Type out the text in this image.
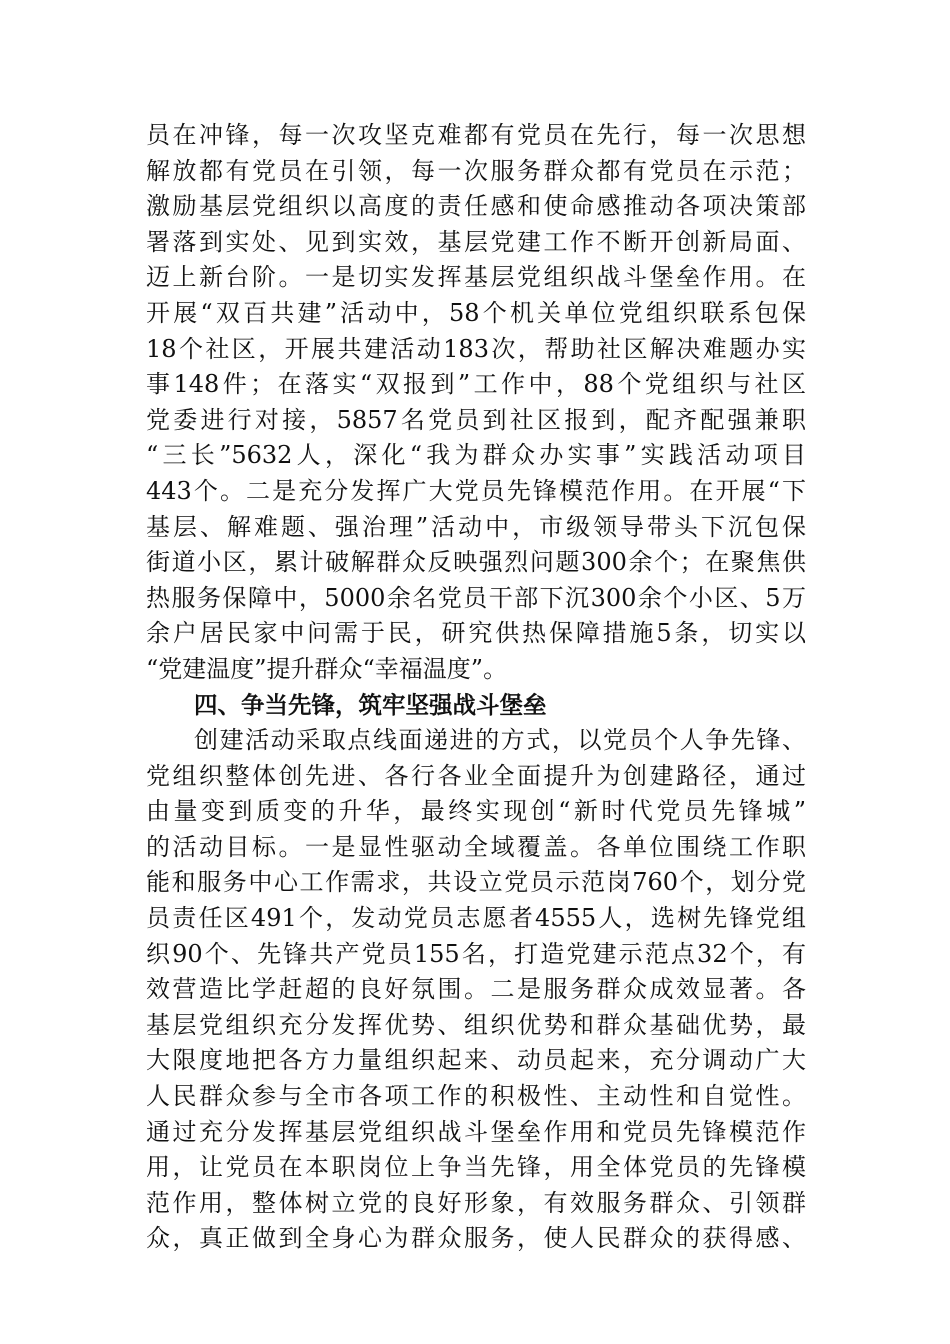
员在冲锋，每一次攻坚克难都有党员在先行，每一次思想
解放都有党员在引领，每一次服务群众都有党员在示范；
激励基层党组织以高度的责任感和使命感推动各项决策部
署落到实处、见到实效，基层党建工作不断开创新局面、
迈上新台阶。一是切实发挥基层党组织战斗堡垒作用。在
开展“双百共建”活动中，58个机关单位党组织联系包保
18个社区，开展共建活动183次，帮助社区解决难题办实
事148件；在落实“双报到”工作中，88个党组织与社区
党委进行对接，5857名党员到社区报到，配齐配强兼职
“三长”5632人，深化“我为群众办实事”实践活动项目
443个。二是充分发挥广大党员先锋模范作用。在开展“下
基层、解难题、强治理”活动中，市级领导带头下沉包保
街道小区，累计破解群众反映强烈问题300余个；在聚焦供
热服务保障中，5000余名党员干部下沉300余个小区、5万
余户居民家中问需于民，研究供热保障措施5条，切实以
“党建温度”提升群众“幸福温度”。
四、争当先锋，筑牢坚强战斗堡垒
创建活动采取点线面递进的方式，以党员个人争先锋、
党组织整体创先进、各行各业全面提升为创建路径，通过
由量变到质变的升华，最终实现创“新时代党员先锋城”
的活动目标。一是显性驱动全域覆盖。各单位围绕工作职
能和服务中心工作需求，共设立党员示范岗760个，划分党
员责任区491个，发动党员志愿者4555人，选树先锋党组
织90个、先锋共产党员155名，打造党建示范点32个，有
效营造比学赶超的良好氛围。二是服务群众成效显著。各
基层党组织充分发挥优势、组织优势和群众基础优势，最
大限度地把各方力量组织起来、动员起来，充分调动广大
人民群众参与全市各项工作的积极性、主动性和自觉性。
通过充分发挥基层党组织战斗堡垒作用和党员先锋模范作
用，让党员在本职岗位上争当先锋，用全体党员的先锋模
范作用，整体树立党的良好形象，有效服务群众、引领群
众，真正做到全身心为群众服务，使人民群众的获得感、
